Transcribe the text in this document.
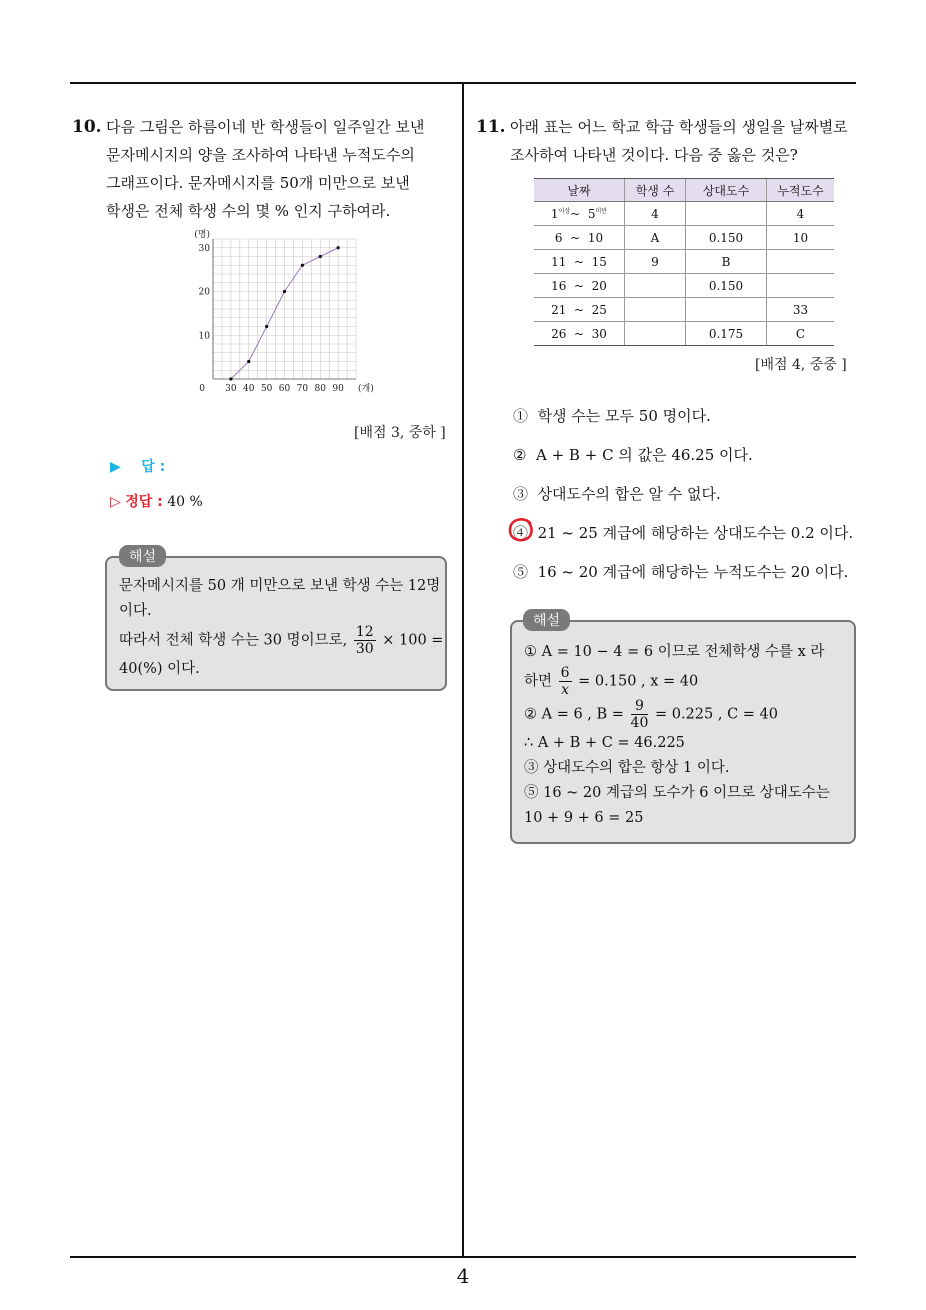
4
10. 다음 그림은 하름이네 반 학생들이 일주일간 보낸
문자메시지의 양을 조사하여 나타낸 누적도수의
그래프이다. 문자메시지를 50개 미만으로 보낸
학생은 전체 학생 수의 몇 % 인지 구하여라.
30 40 50 60 70 80 90
10
20
30
0
(명)
(개)
[배점 3, 중하 ]
▶ 답 :
▷ 정답 : 40 %
문자메시지를 50 개 미만으로 보낸 학생 수는 12명
이다.
따라서 전체 학생 수는 30 명이므로, $\frac{12}{30} \times 100$ =
40(%) 이다.
해설
11. 아래 표는 어느 학교 학급 학생들의 생일을 날짜별로
조사하여 나타낸 것이다. 다음 중 옳은 것은?
날짜	학생 수	상대도수	누적도수
$1^{이상}\sim$  $5^{미만}$	4		4
6  ~  10	A	0.150	10
11  ~  15	9	B	
16  ~  20		0.150	
21  ~  25			33
26  ~  30		0.175	C
[배점 4, 중중 ]
① 학생 수는 모두 50 명이다.
② A + B + C 의 값은 46.25 이다.
③ 상대도수의 합은 알 수 없다.
④ 21 ~ 25 계급에 해당하는 상대도수는 0.2 이다.
⑤ 16 ~ 20 계급에 해당하는 누적도수는 20 이다.
① A = 10 − 4 = 6 이므로 전체학생 수를 x 라
하면 $\frac{6}{x} = 0.150$ , x = 40
② A = 6 , $B = \frac{9}{40} = 0.225$ , C = 40
∴ A + B + C = 46.225
③ 상대도수의 합은 항상 1 이다.
⑤ 16 ~ 20 계급의 도수가 6 이므로 상대도수는
10 + 9 + 6 = 25
해설
